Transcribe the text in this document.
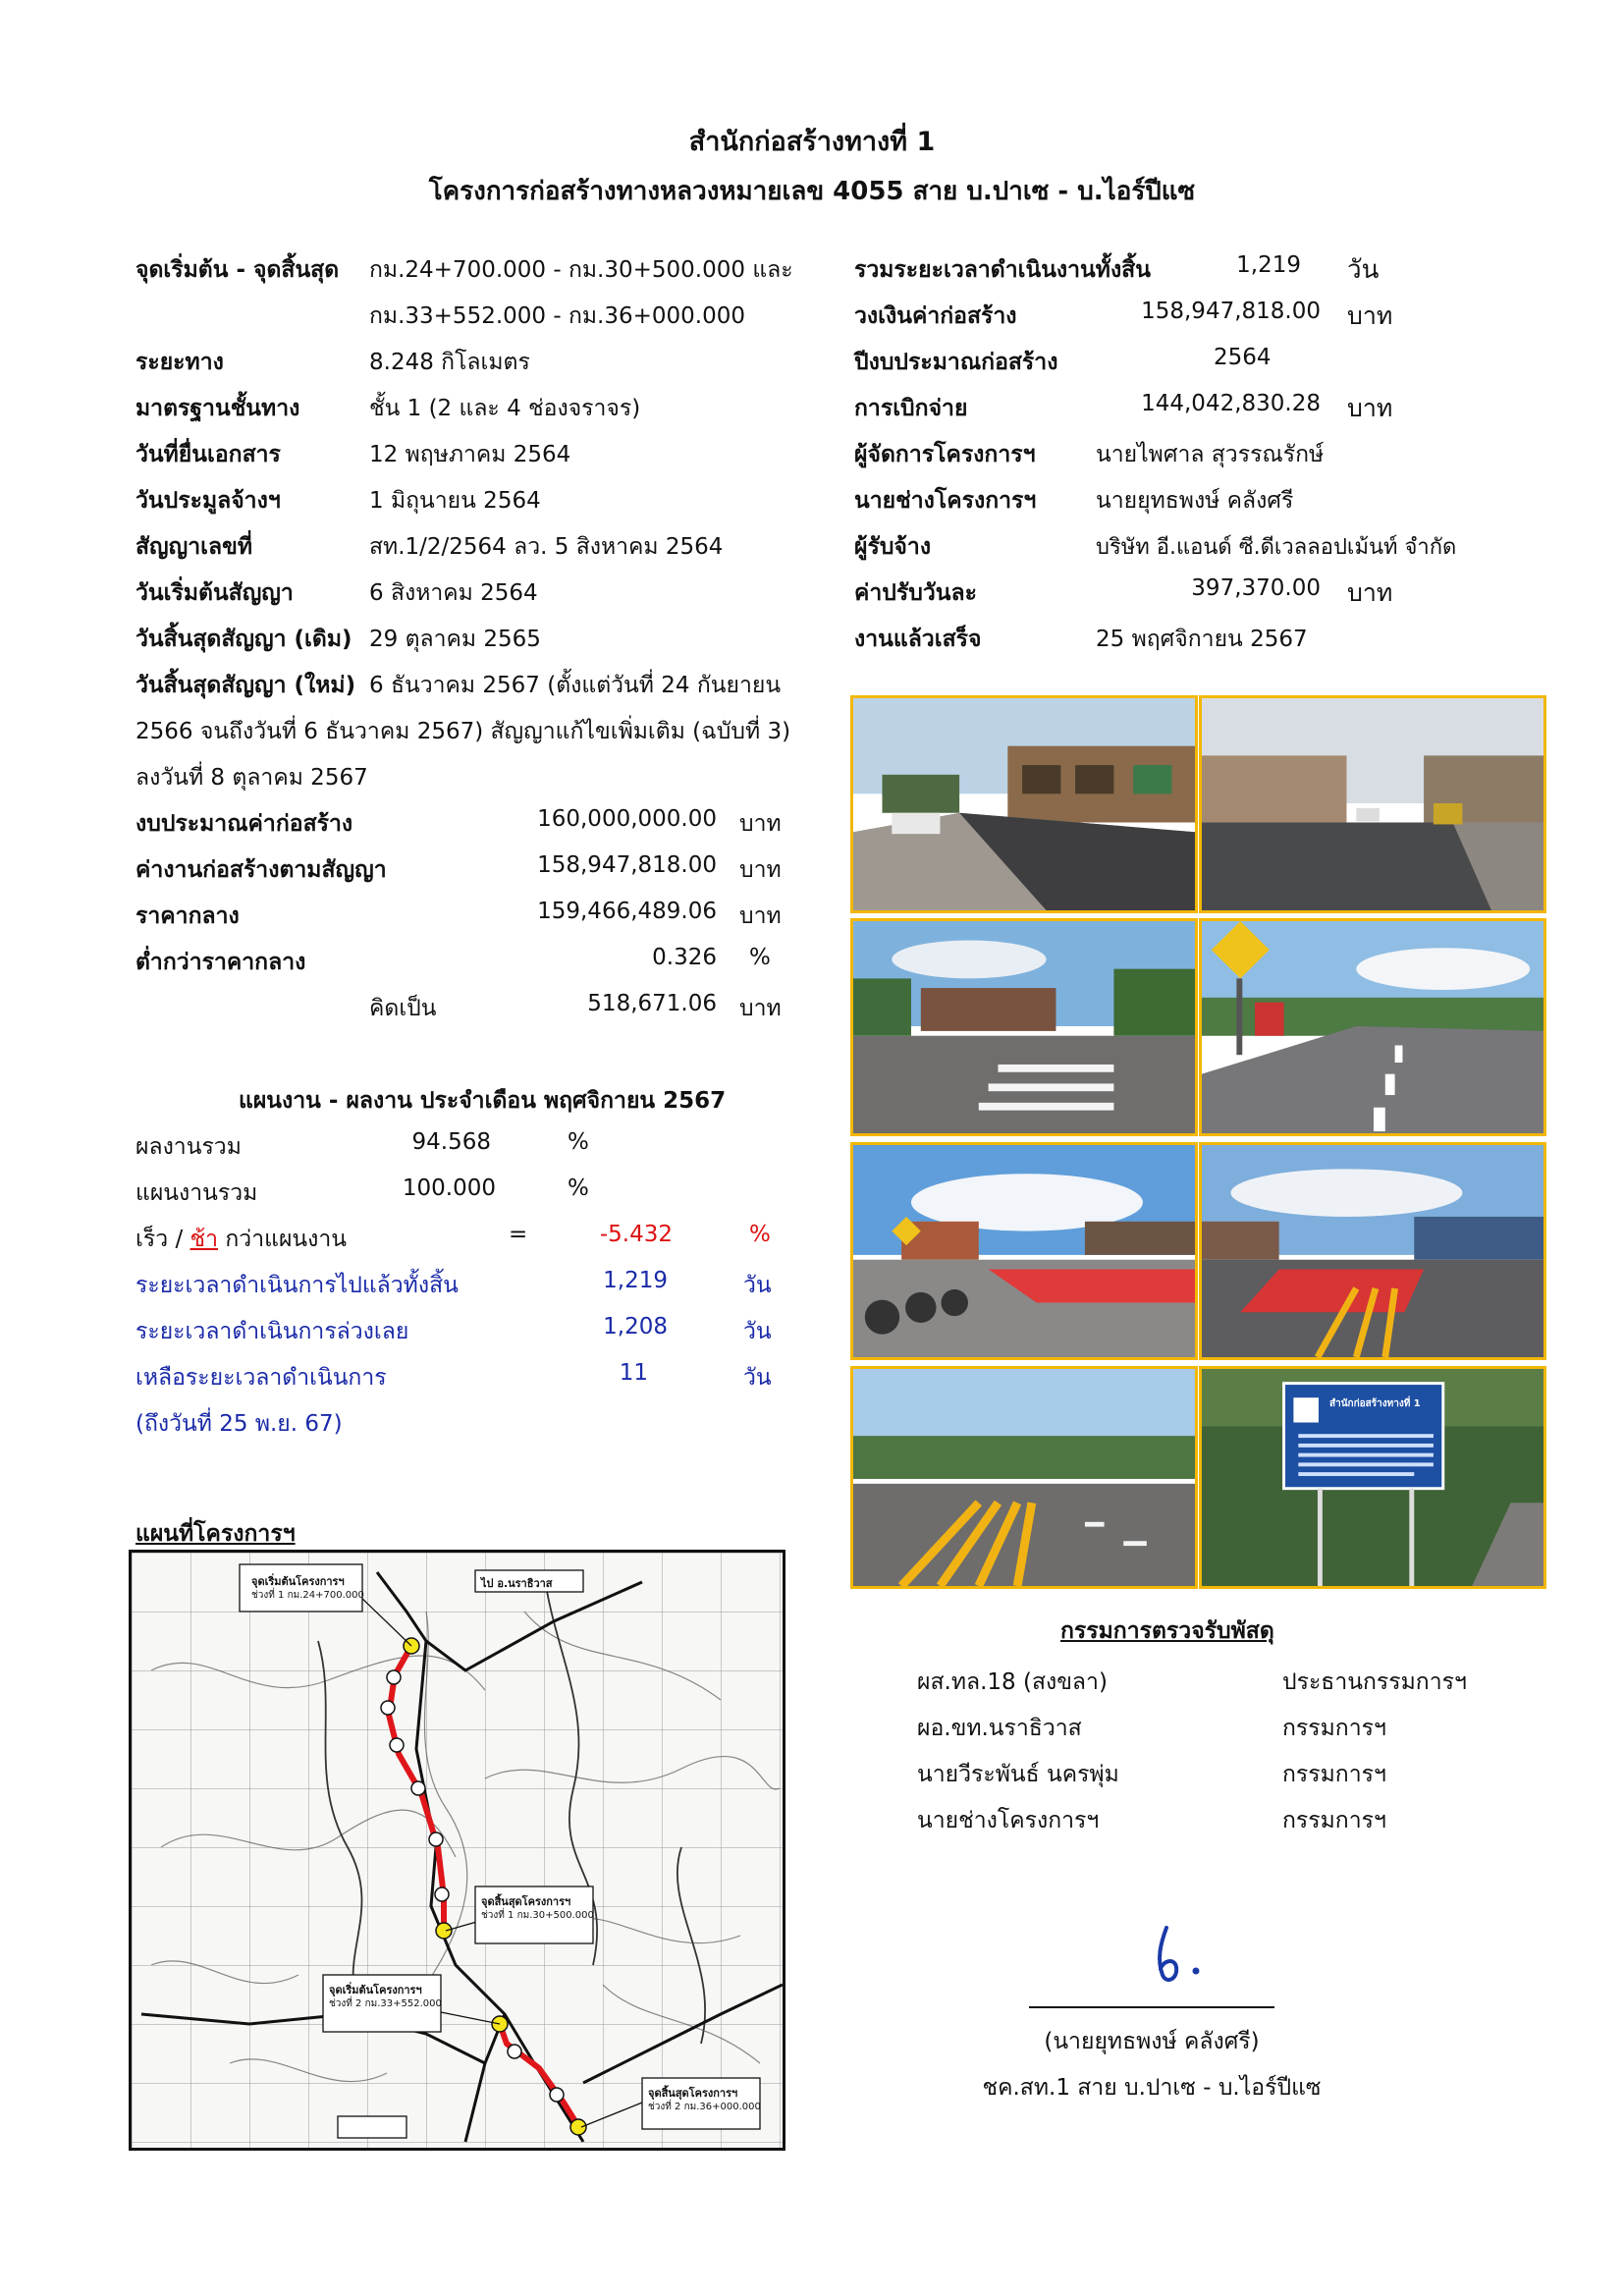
สำนักก่อสร้างทางที่ 1
โครงการก่อสร้างทางหลวงหมายเลข 4055 สาย บ.ปาเซ - บ.ไอร์ปีแซ
จุดเริ่มต้น - จุดสิ้นสุด กม.24+700.000 - กม.30+500.000 และ
กม.33+552.000 - กม.36+000.000
ระยะทาง	8.248 กิโลเมตร
มาตรฐานชั้นทาง	ชั้น 1 (2 และ 4 ช่องจราจร)
วันที่ยื่นเอกสาร	12 พฤษภาคม 2564
วันประมูลจ้างฯ	1 มิถุนายน 2564
สัญญาเลขที่	สท.1/2/2564 ลว. 5 สิงหาคม 2564
วันเริ่มต้นสัญญา	6 สิงหาคม 2564
วันสิ้นสุดสัญญา (เดิม) 29 ตุลาคม 2565
วันสิ้นสุดสัญญา (ใหม่) 6 ธันวาคม 2567 (ตั้งแต่วันที่ 24 กันยายน
2566 จนถึงวันที่ 6 ธันวาคม 2567) สัญญาแก้ไขเพิ่มเติม (ฉบับที่ 3)
ลงวันที่ 8 ตุลาคม 2567
งบประมาณค่าก่อสร้าง	160,000,000.00 บาท
ค่างานก่อสร้างตามสัญญา	158,947,818.00 บาท
ราคากลาง	159,466,489.06 บาท
ต่ำกว่าราคากลาง	0.326 %
คิดเป็น	518,671.06 บาท
รวมระยะเวลาดำเนินงานทั้งสิ้น	1,219 วัน
วงเงินค่าก่อสร้าง	158,947,818.00 บาท
ปีงบประมาณก่อสร้าง	2564
การเบิกจ่าย	144,042,830.28 บาท
ผู้จัดการโครงการฯ	นายไพศาล สุวรรณรักษ์
นายช่างโครงการฯ	นายยุทธพงษ์ คลังศรี
ผู้รับจ้าง	บริษัท อี.แอนด์ ซี.ดีเวลลอปเม้นท์ จำกัด
ค่าปรับวันละ	397,370.00 บาท
งานแล้วเสร็จ	25 พฤศจิกายน 2567
แผนงาน - ผลงาน ประจำเดือน พฤศจิกายน 2567
ผลงานรวม	94.568	%
แผนงานรวม	100.000	%
เร็ว / ช้า กว่าแผนงาน	=	-5.432	%
ระยะเวลาดำเนินการไปแล้วทั้งสิ้น	1,219	วัน
ระยะเวลาดำเนินการล่วงเลย	1,208	วัน
เหลือระยะเวลาดำเนินการ	11	วัน
(ถึงวันที่ 25 พ.ย. 67)
แผนที่โครงการฯ
จุดเริ่มต้นโครงการฯ
ช่วงที่ 1 กม.24+700.000
ไป อ.นราธิวาส
จุดสิ้นสุดโครงการฯ
ช่วงที่ 1 กม.30+500.000
จุดเริ่มต้นโครงการฯ
ช่วงที่ 2 กม.33+552.000
จุดสิ้นสุดโครงการฯ
ช่วงที่ 2 กม.36+000.000
สำนักก่อสร้างทางที่ 1
กรรมการตรวจรับพัสดุ
ผส.ทล.18 (สงขลา)	ประธานกรรมการฯ
ผอ.ขท.นราธิวาส	กรรมการฯ
นายวีระพันธ์ นครพุ่ม	กรรมการฯ
นายช่างโครงการฯ	กรรมการฯ
(นายยุทธพงษ์ คลังศรี)
ชค.สท.1 สาย บ.ปาเซ - บ.ไอร์ปีแซ
